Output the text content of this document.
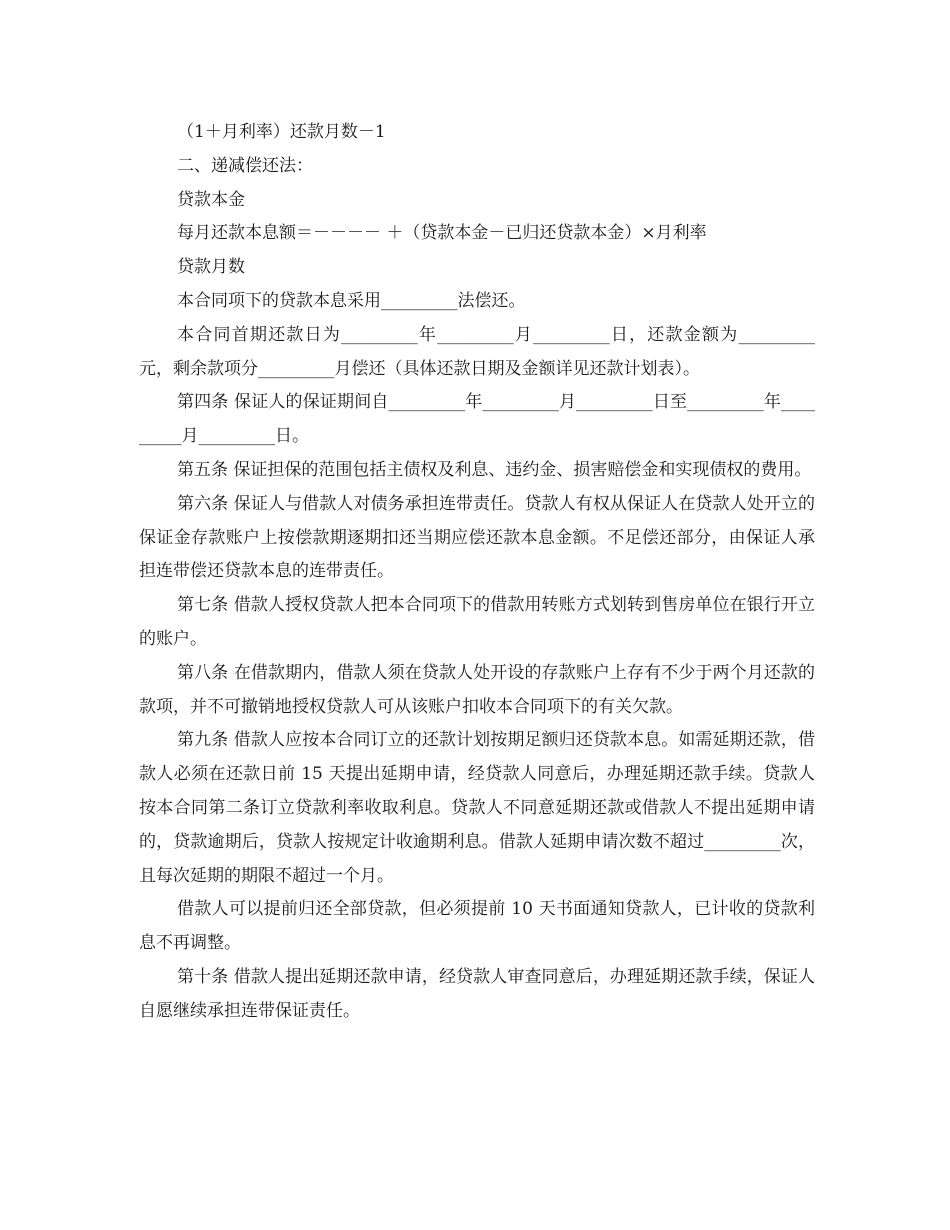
（1＋月利率）还款月数－1

二、递减偿还法：

贷款本金

每月还款本息额＝－－－－ ＋（贷款本金－已归还贷款本金）×月利率

贷款月数

本合同项下的贷款本息采用_________法偿还。

本合同首期还款日为_________年_________月_________日，还款金额为_________元，剩余款项分_________月偿还（具体还款日期及金额详见还款计划表）。

第四条 保证人的保证期间自_________年_________月_________日至_________年_________月_________日。

第五条 保证担保的范围包括主债权及利息、违约金、损害赔偿金和实现债权的费用。

第六条 保证人与借款人对债务承担连带责任。贷款人有权从保证人在贷款人处开立的保证金存款账户上按偿款期逐期扣还当期应偿还款本息金额。不足偿还部分，由保证人承担连带偿还贷款本息的连带责任。

第七条 借款人授权贷款人把本合同项下的借款用转账方式划转到售房单位在银行开立的账户。

第八条 在借款期内，借款人须在贷款人处开设的存款账户上存有不少于两个月还款的款项，并不可撤销地授权贷款人可从该账户扣收本合同项下的有关欠款。

第九条 借款人应按本合同订立的还款计划按期足额归还贷款本息。如需延期还款，借款人必须在还款日前 15 天提出延期申请，经贷款人同意后，办理延期还款手续。贷款人按本合同第二条订立贷款利率收取利息。贷款人不同意延期还款或借款人不提出延期申请的，贷款逾期后，贷款人按规定计收逾期利息。借款人延期申请次数不超过_________次，且每次延期的期限不超过一个月。

借款人可以提前归还全部贷款，但必须提前 10 天书面通知贷款人，已计收的贷款利息不再调整。

第十条 借款人提出延期还款申请，经贷款人审查同意后，办理延期还款手续，保证人自愿继续承担连带保证责任。
